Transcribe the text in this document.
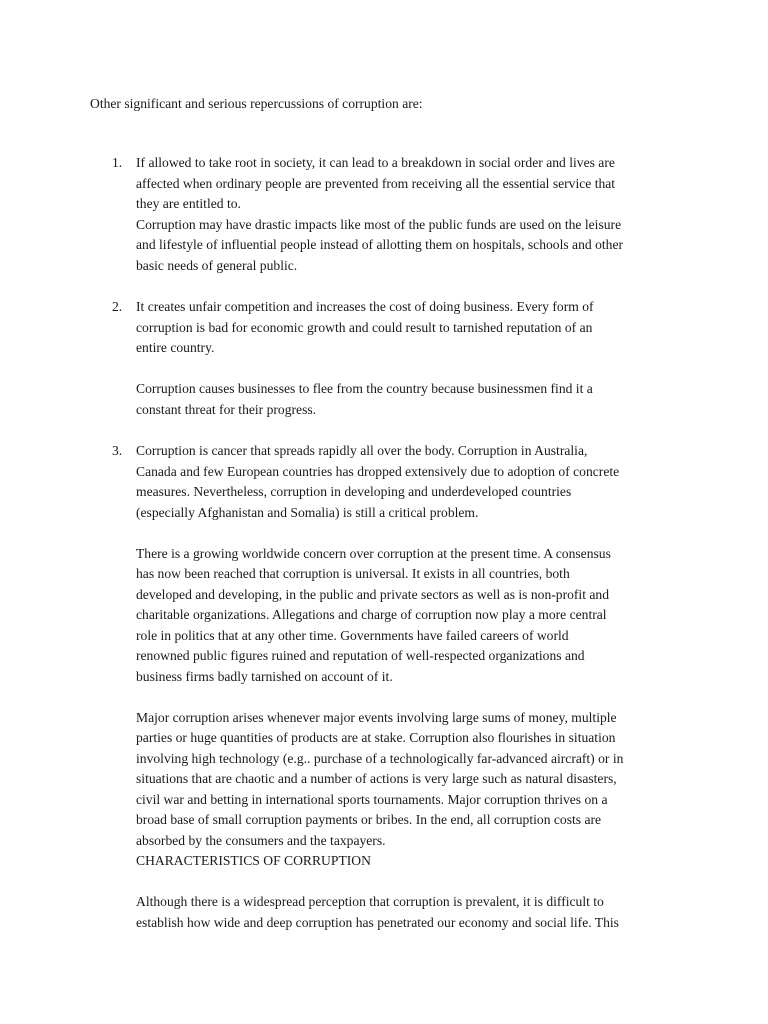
Other significant and serious repercussions of corruption are:

1. If allowed to take root in society, it can lead to a breakdown in social order and lives are
affected when ordinary people are prevented from receiving all the essential service that
they are entitled to.
Corruption may have drastic impacts like most of the public funds are used on the leisure
and lifestyle of influential people instead of allotting them on hospitals, schools and other
basic needs of general public.

2. It creates unfair competition and increases the cost of doing business. Every form of
corruption is bad for economic growth and could result to tarnished reputation of an
entire country.

Corruption causes businesses to flee from the country because businessmen find it a
constant threat for their progress.

3. Corruption is cancer that spreads rapidly all over the body. Corruption in Australia,
Canada and few European countries has dropped extensively due to adoption of concrete
measures. Nevertheless, corruption in developing and underdeveloped countries
(especially Afghanistan and Somalia) is still a critical problem.

There is a growing worldwide concern over corruption at the present time. A consensus
has now been reached that corruption is universal. It exists in all countries, both
developed and developing, in the public and private sectors as well as is non-profit and
charitable organizations. Allegations and charge of corruption now play a more central
role in politics that at any other time. Governments have failed careers of world
renowned public figures ruined and reputation of well-respected organizations and
business firms badly tarnished on account of it.

Major corruption arises whenever major events involving large sums of money, multiple
parties or huge quantities of products are at stake. Corruption also flourishes in situation
involving high technology (e.g.. purchase of a technologically far-advanced aircraft) or in
situations that are chaotic and a number of actions is very large such as natural disasters,
civil war and betting in international sports tournaments. Major corruption thrives on a
broad base of small corruption payments or bribes. In the end, all corruption costs are
absorbed by the consumers and the taxpayers.
CHARACTERISTICS OF CORRUPTION

Although there is a widespread perception that corruption is prevalent, it is difficult to
establish how wide and deep corruption has penetrated our economy and social life. This
